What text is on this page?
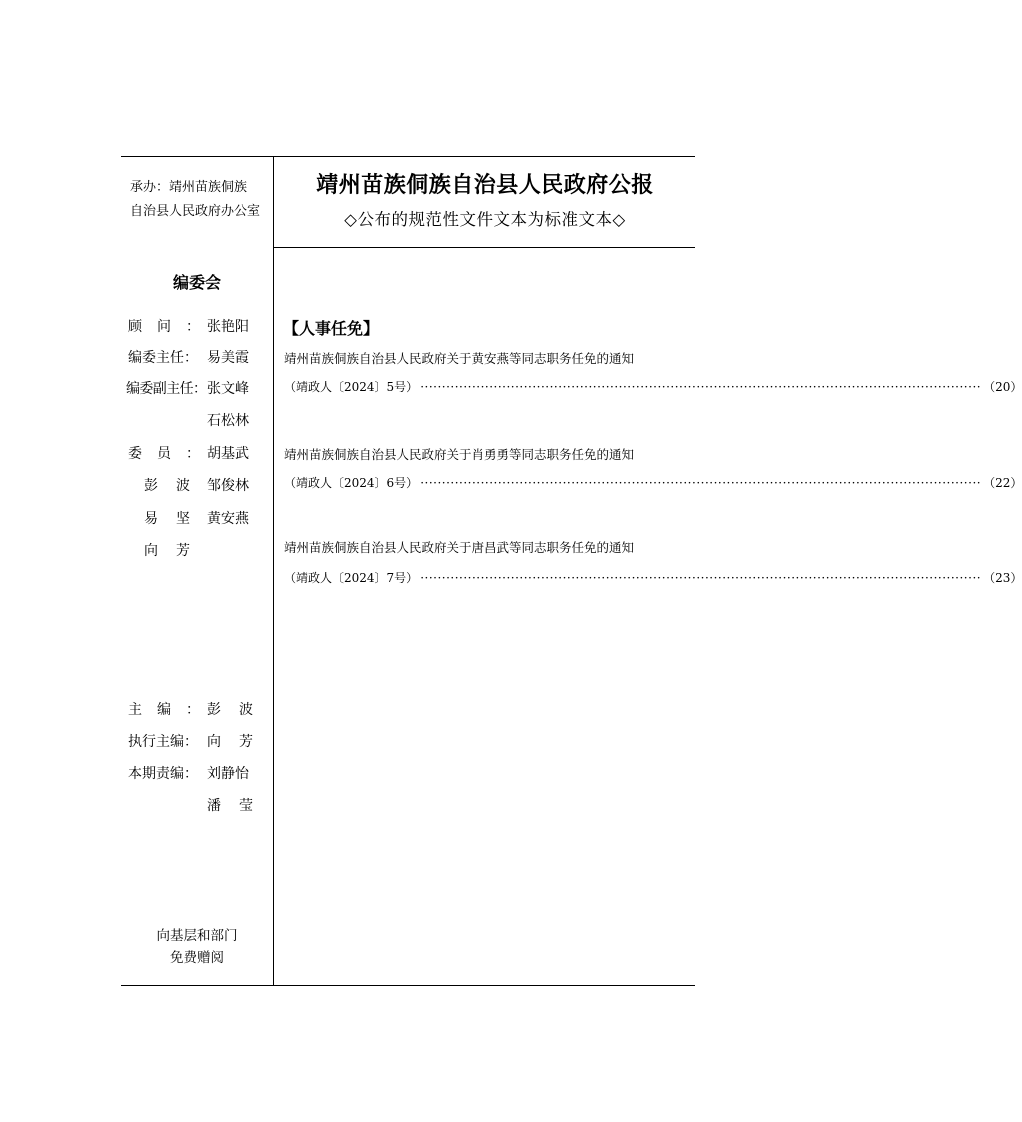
承办：靖州苗族侗族
自治县人民政府办公室
靖州苗族侗族自治县人民政府公报
◇公布的规范性文件文本为标准文本◇
编委会
顾问： 张艳阳
编委主任： 易美霞
编委副主任： 张文峰
石松林
委员： 胡基武
彭波 邹俊林
易坚 黄安燕
向芳
主编： 彭波
执行主编： 向芳
本期责编： 刘静怡
潘莹
向基层和部门
免费赠阅
【人事任免】
靖州苗族侗族自治县人民政府关于黄安燕等同志职务任免的通知
（靖政人〔2024〕5号） ·································································································································· （20）
靖州苗族侗族自治县人民政府关于肖勇勇等同志职务任免的通知
（靖政人〔2024〕6号） ·································································································································· （22）
靖州苗族侗族自治县人民政府关于唐昌武等同志职务任免的通知
（靖政人〔2024〕7号） ·································································································································· （23）
